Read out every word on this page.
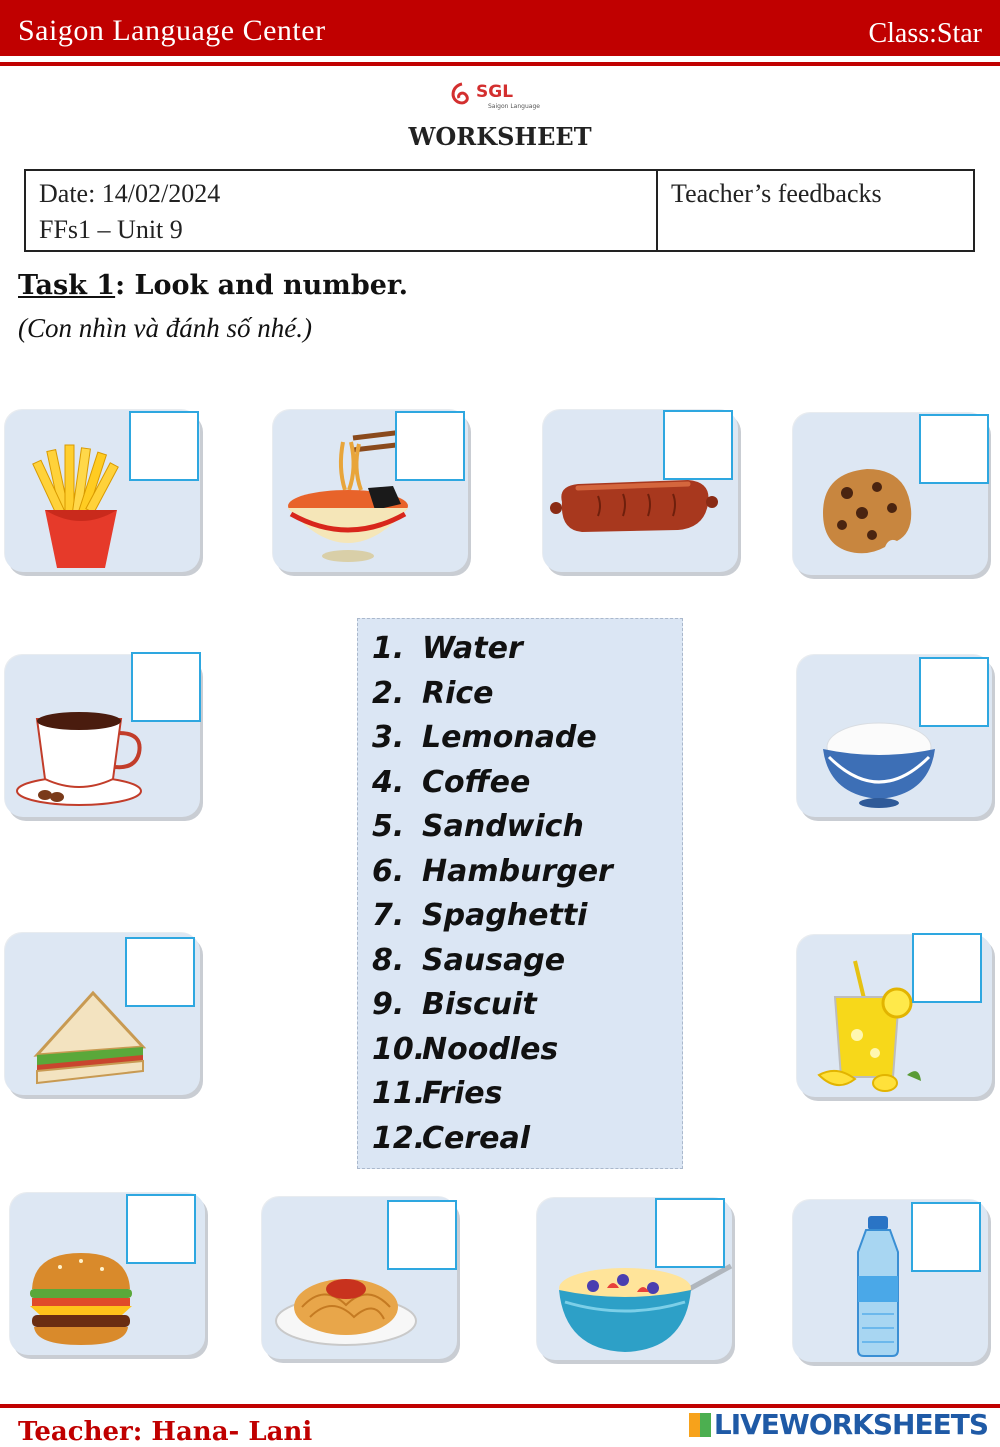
Saigon Language Center	Class:Star
SGL
Saigon Language
WORKSHEET
Date: 14/02/2024
FFs1 – Unit 9
Teacher’s feedbacks
Task 1: Look and number.
(Con nhìn và đánh số nhé.)
1. Water
2. Rice
3. Lemonade
4. Coffee
5. Sandwich
6. Hamburger
7. Spaghetti
8. Sausage
9. Biscuit
10.Noodles
11.Fries
12.Cereal
Teacher: Hana- Lani	LIVEWORKSHEETS
